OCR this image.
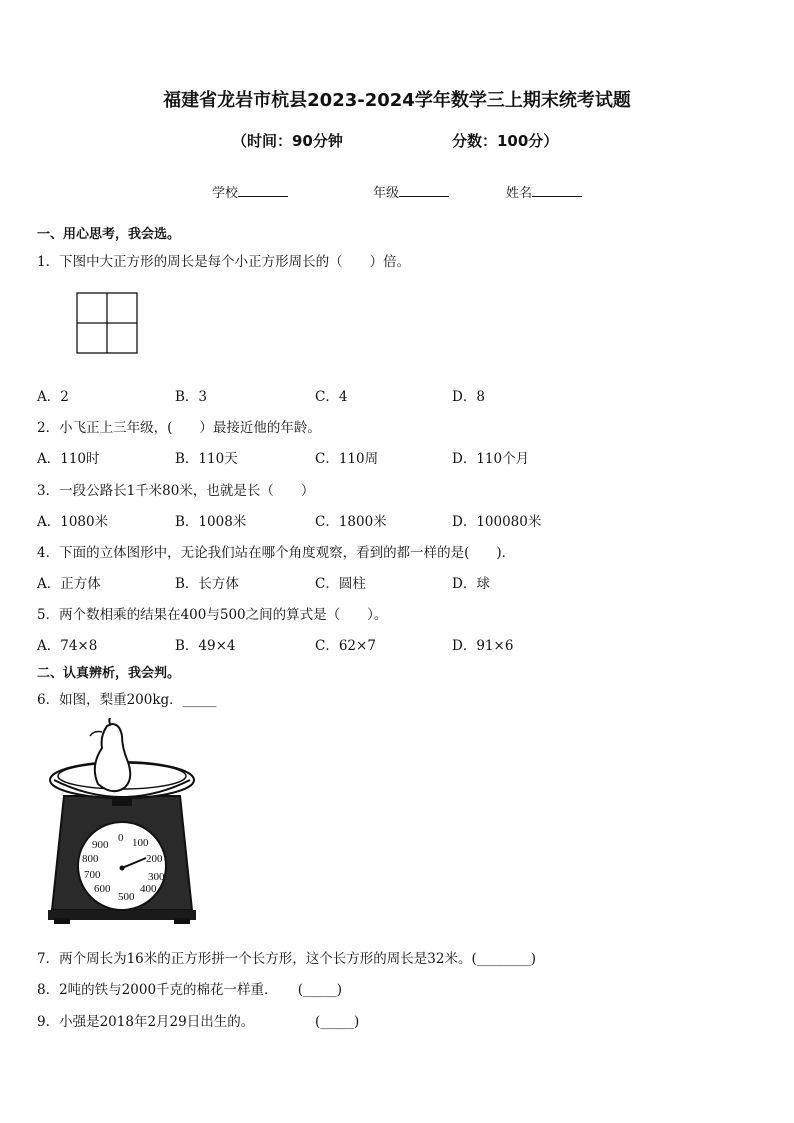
福建省龙岩市杭县2023-2024学年数学三上期末统考试题
（时间：90分钟	分数：100分）
学校	年级	姓名
一、用心思考，我会选。
1．下图中大正方形的周长是每个小正方形周长的（　　）倍。
A．2	B．3	C．4	D．8
2．小飞正上三年级，(　　）最接近他的年龄。
A．110时	B．110天	C．110周	D．110个月
3．一段公路长1千米80米，也就是长（　　）
A．1080米	B．1008米	C．1800米	D．100080米
4．下面的立体图形中，无论我们站在哪个角度观察，看到的都一样的是(　　)．
A．正方体	B．长方体	C．圆柱	D．球
5．两个数相乘的结果在400与500之间的算式是（　　）。
A．74×8	B．49×4	C．62×7	D．91×6
二、认真辨析，我会判。
6．如图，梨重200kg．_____
0 100
200
300
400
500
600
700
800
900
7．两个周长为16米的正方形拼一个长方形，这个长方形的周长是32米。(________)
8．2吨的铁与2000千克的棉花一样重．　　(_____)
9．小强是2018年2月29日出生的。　　　　　(_____)
